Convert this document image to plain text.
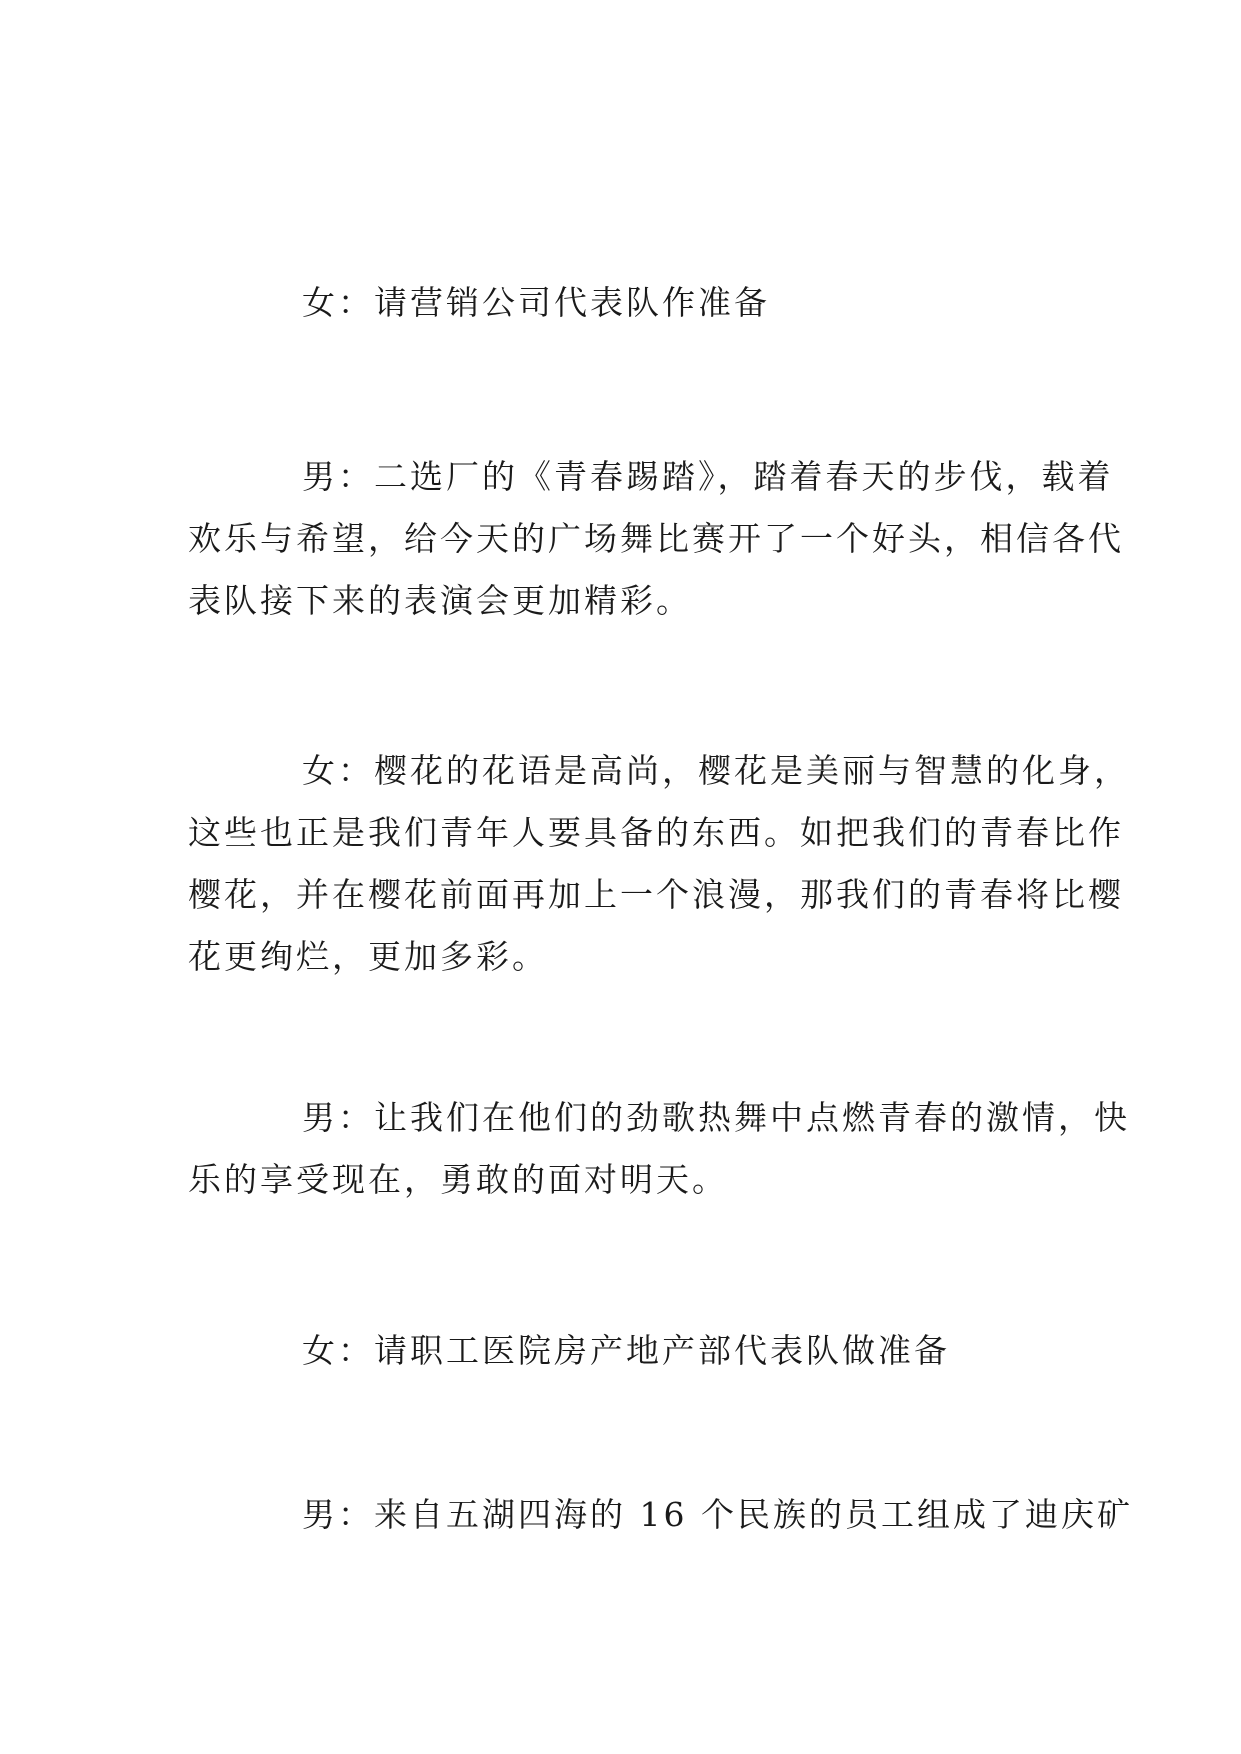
女：请营销公司代表队作准备

男：二选厂的《青春踢踏》，踏着春天的步伐，载着
欢乐与希望，给今天的广场舞比赛开了一个好头，相信各代
表队接下来的表演会更加精彩。

女：樱花的花语是高尚，樱花是美丽与智慧的化身，
这些也正是我们青年人要具备的东西。如把我们的青春比作
樱花，并在樱花前面再加上一个浪漫，那我们的青春将比樱
花更绚烂，更加多彩。

男：让我们在他们的劲歌热舞中点燃青春的激情，快
乐的享受现在，勇敢的面对明天。

女：请职工医院房产地产部代表队做准备

男：来自五湖四海的 16 个民族的员工组成了迪庆矿
